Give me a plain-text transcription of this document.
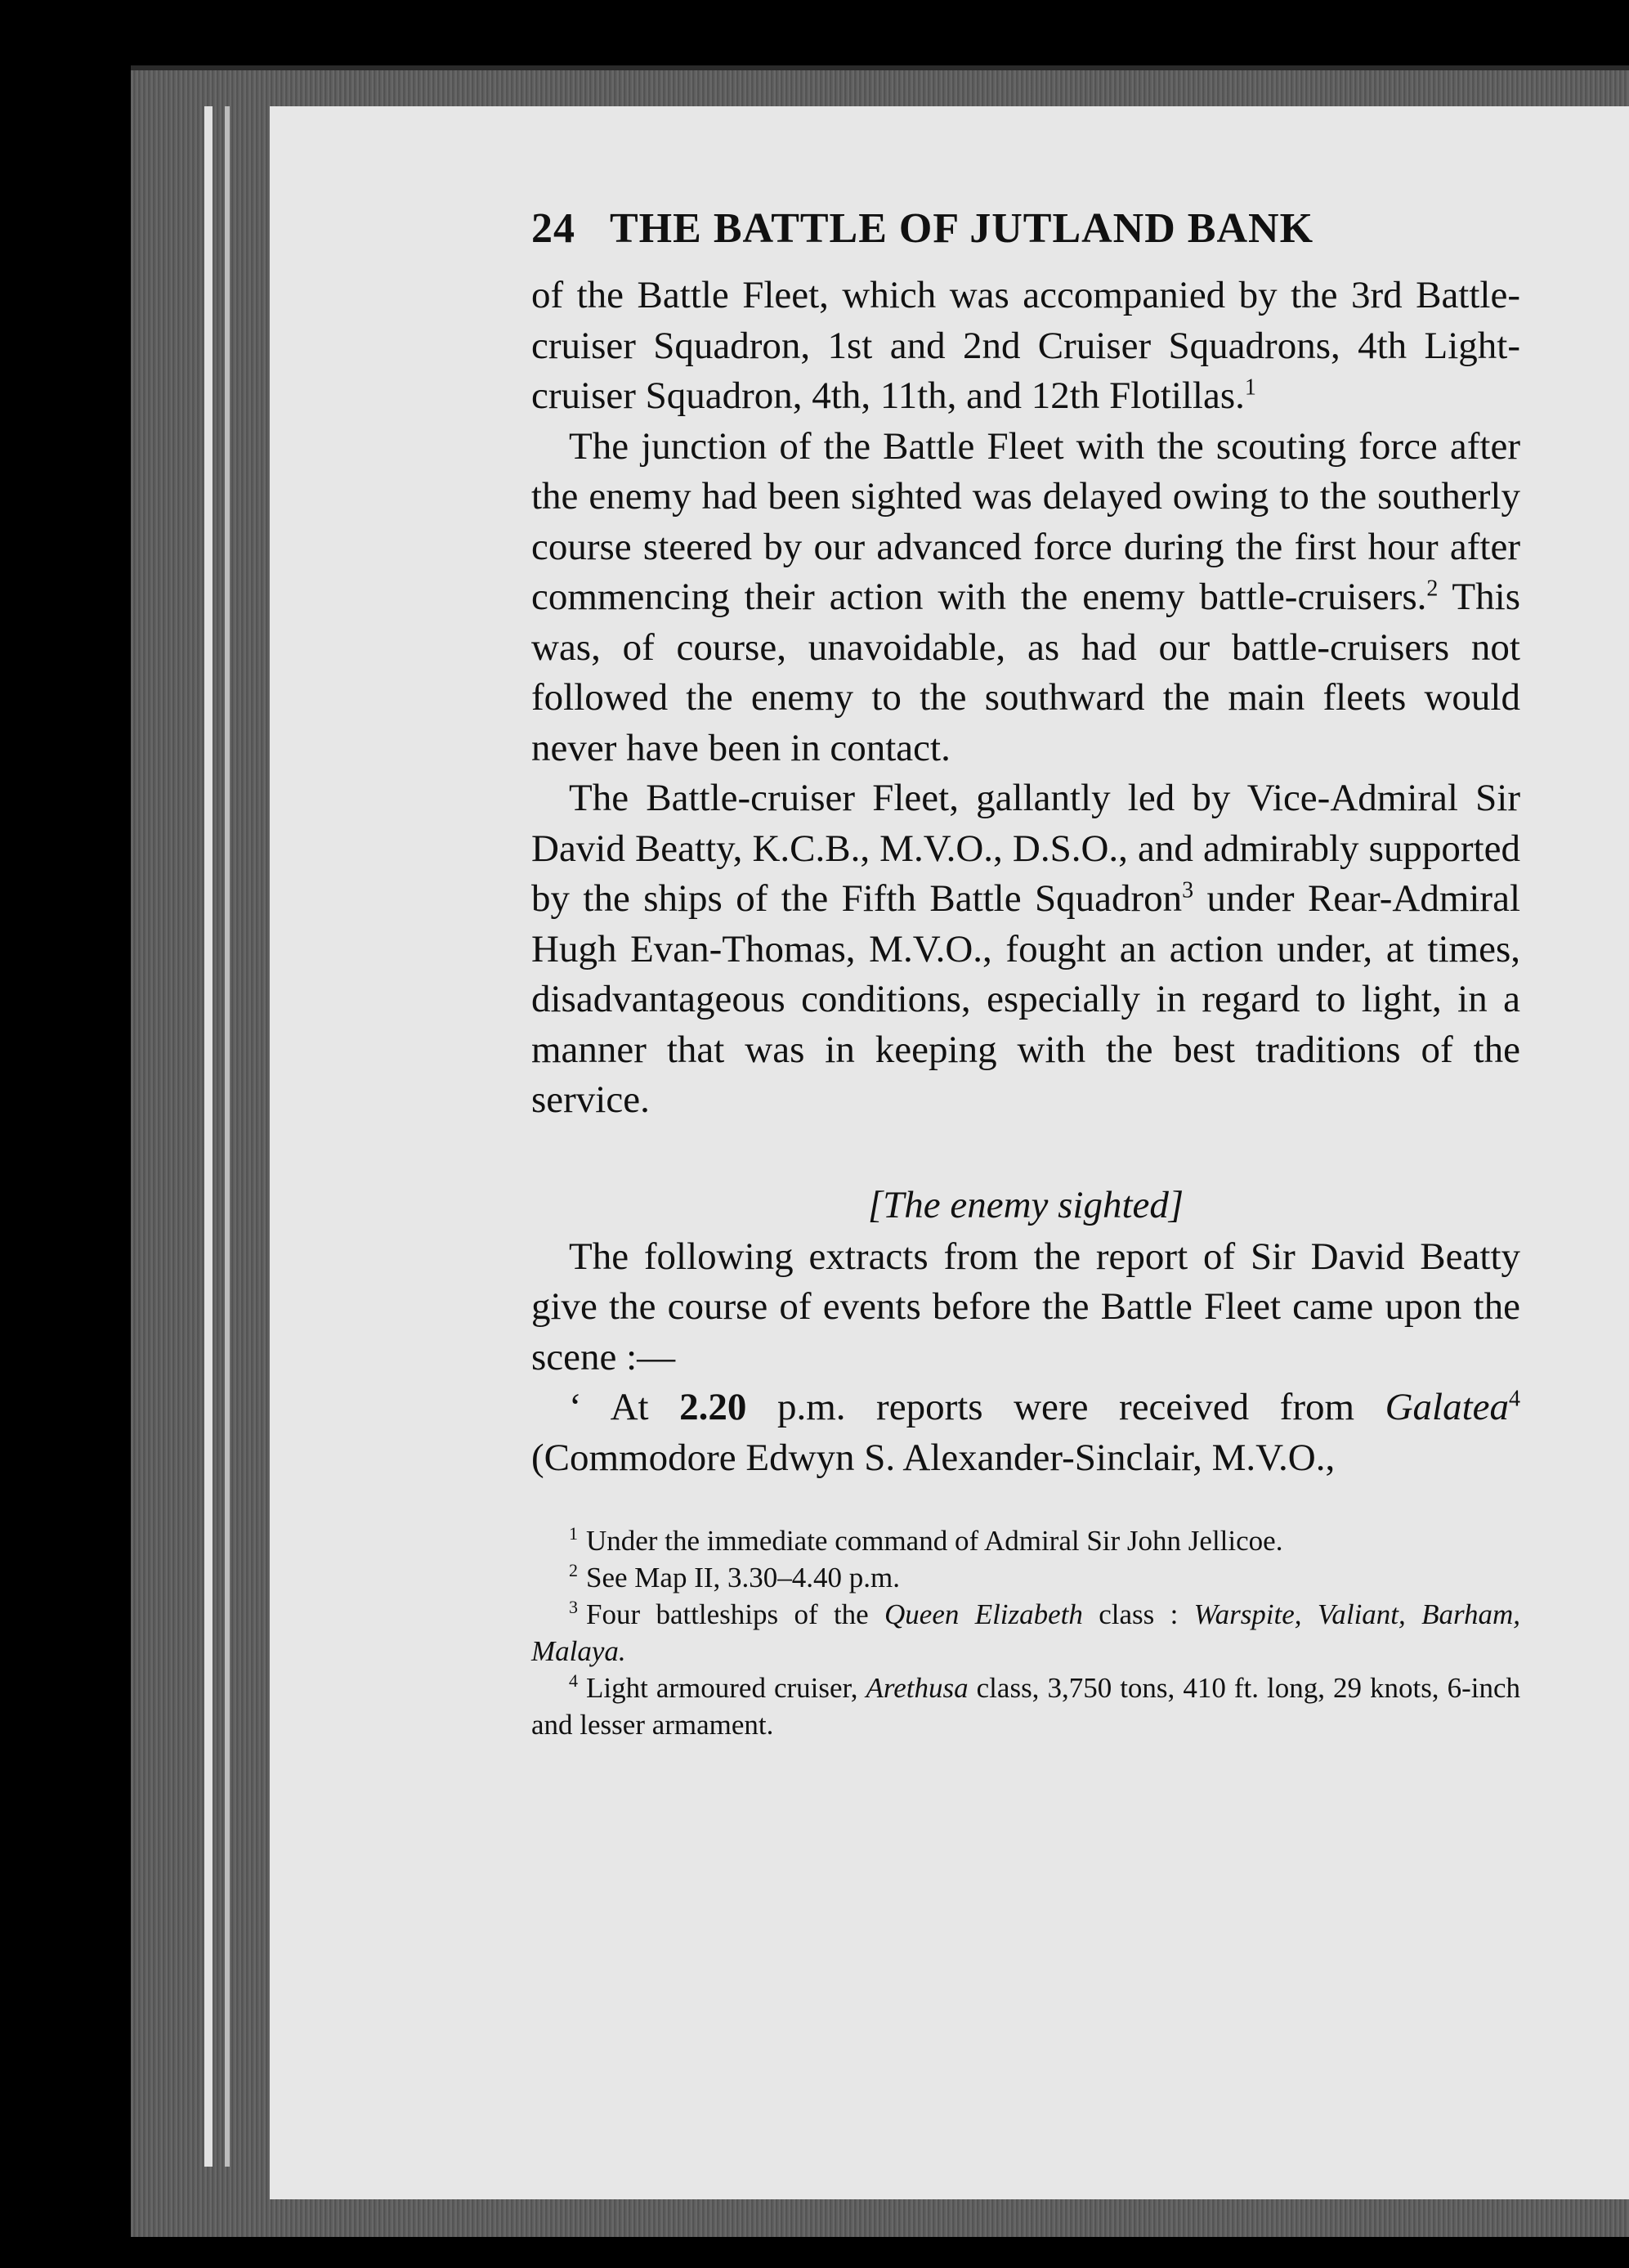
24 THE BATTLE OF JUTLAND BANK

of the Battle Fleet, which was accompanied by the 3rd Battle-cruiser Squadron, 1st and 2nd Cruiser Squadrons, 4th Light-cruiser Squadron, 4th, 11th, and 12th Flotillas.$^1$

The junction of the Battle Fleet with the scouting force after the enemy had been sighted was delayed owing to the southerly course steered by our advanced force during the first hour after commencing their action with the enemy battle-cruisers.$^2$ This was, of course, unavoidable, as had our battle-cruisers not followed the enemy to the southward the main fleets would never have been in contact.

The Battle-cruiser Fleet, gallantly led by Vice-Admiral Sir David Beatty, K.C.B., M.V.O., D.S.O., and admirably supported by the ships of the Fifth Battle Squadron$^3$ under Rear-Admiral Hugh Evan-Thomas, M.V.O., fought an action under, at times, disadvantageous conditions, especially in regard to light, in a manner that was in keeping with the best traditions of the service.

[The enemy sighted]

The following extracts from the report of Sir David Beatty give the course of events before the Battle Fleet came upon the scene :—

‘ At 2.20 p.m. reports were received from Galatea$^4$ (Commodore Edwyn S. Alexander-Sinclair, M.V.O.,

$^1$ Under the immediate command of Admiral Sir John Jellicoe.

$^2$ See Map II, 3.30–4.40 p.m.

$^3$ Four battleships of the Queen Elizabeth class : Warspite, Valiant, Barham, Malaya.

$^4$ Light armoured cruiser, Arethusa class, 3,750 tons, 410 ft. long, 29 knots, 6-inch and lesser armament.
